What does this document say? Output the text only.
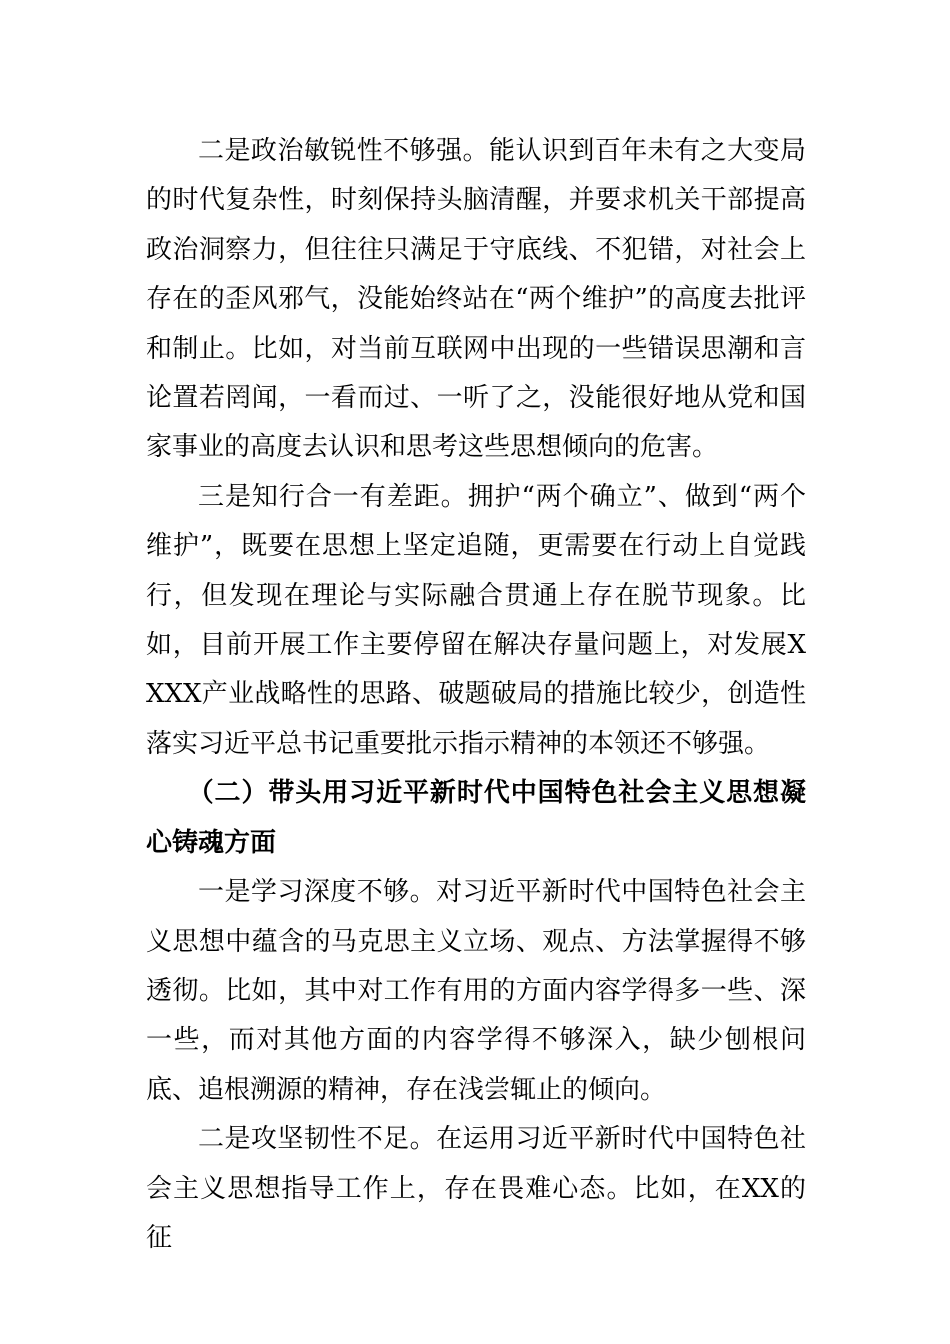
二是政治敏锐性不够强。能认识到百年未有之大变局的时代复杂性，时刻保持头脑清醒，并要求机关干部提高政治洞察力，但往往只满足于守底线、不犯错，对社会上存在的歪风邪气，没能始终站在“两个维护”的高度去批评和制止。比如，对当前互联网中出现的一些错误思潮和言论置若罔闻，一看而过、一听了之，没能很好地从党和国家事业的高度去认识和思考这些思想倾向的危害。

三是知行合一有差距。拥护“两个确立”、做到“两个维护”，既要在思想上坚定追随，更需要在行动上自觉践行，但发现在理论与实际融合贯通上存在脱节现象。比如，目前开展工作主要停留在解决存量问题上，对发展XXXX产业战略性的思路、破题破局的措施比较少，创造性落实习近平总书记重要批示指示精神的本领还不够强。

（二）带头用习近平新时代中国特色社会主义思想凝心铸魂方面

一是学习深度不够。对习近平新时代中国特色社会主义思想中蕴含的马克思主义立场、观点、方法掌握得不够透彻。比如，其中对工作有用的方面内容学得多一些、深一些，而对其他方面的内容学得不够深入，缺少刨根问底、追根溯源的精神，存在浅尝辄止的倾向。

二是攻坚韧性不足。在运用习近平新时代中国特色社会主义思想指导工作上，存在畏难心态。比如，在XX的征
